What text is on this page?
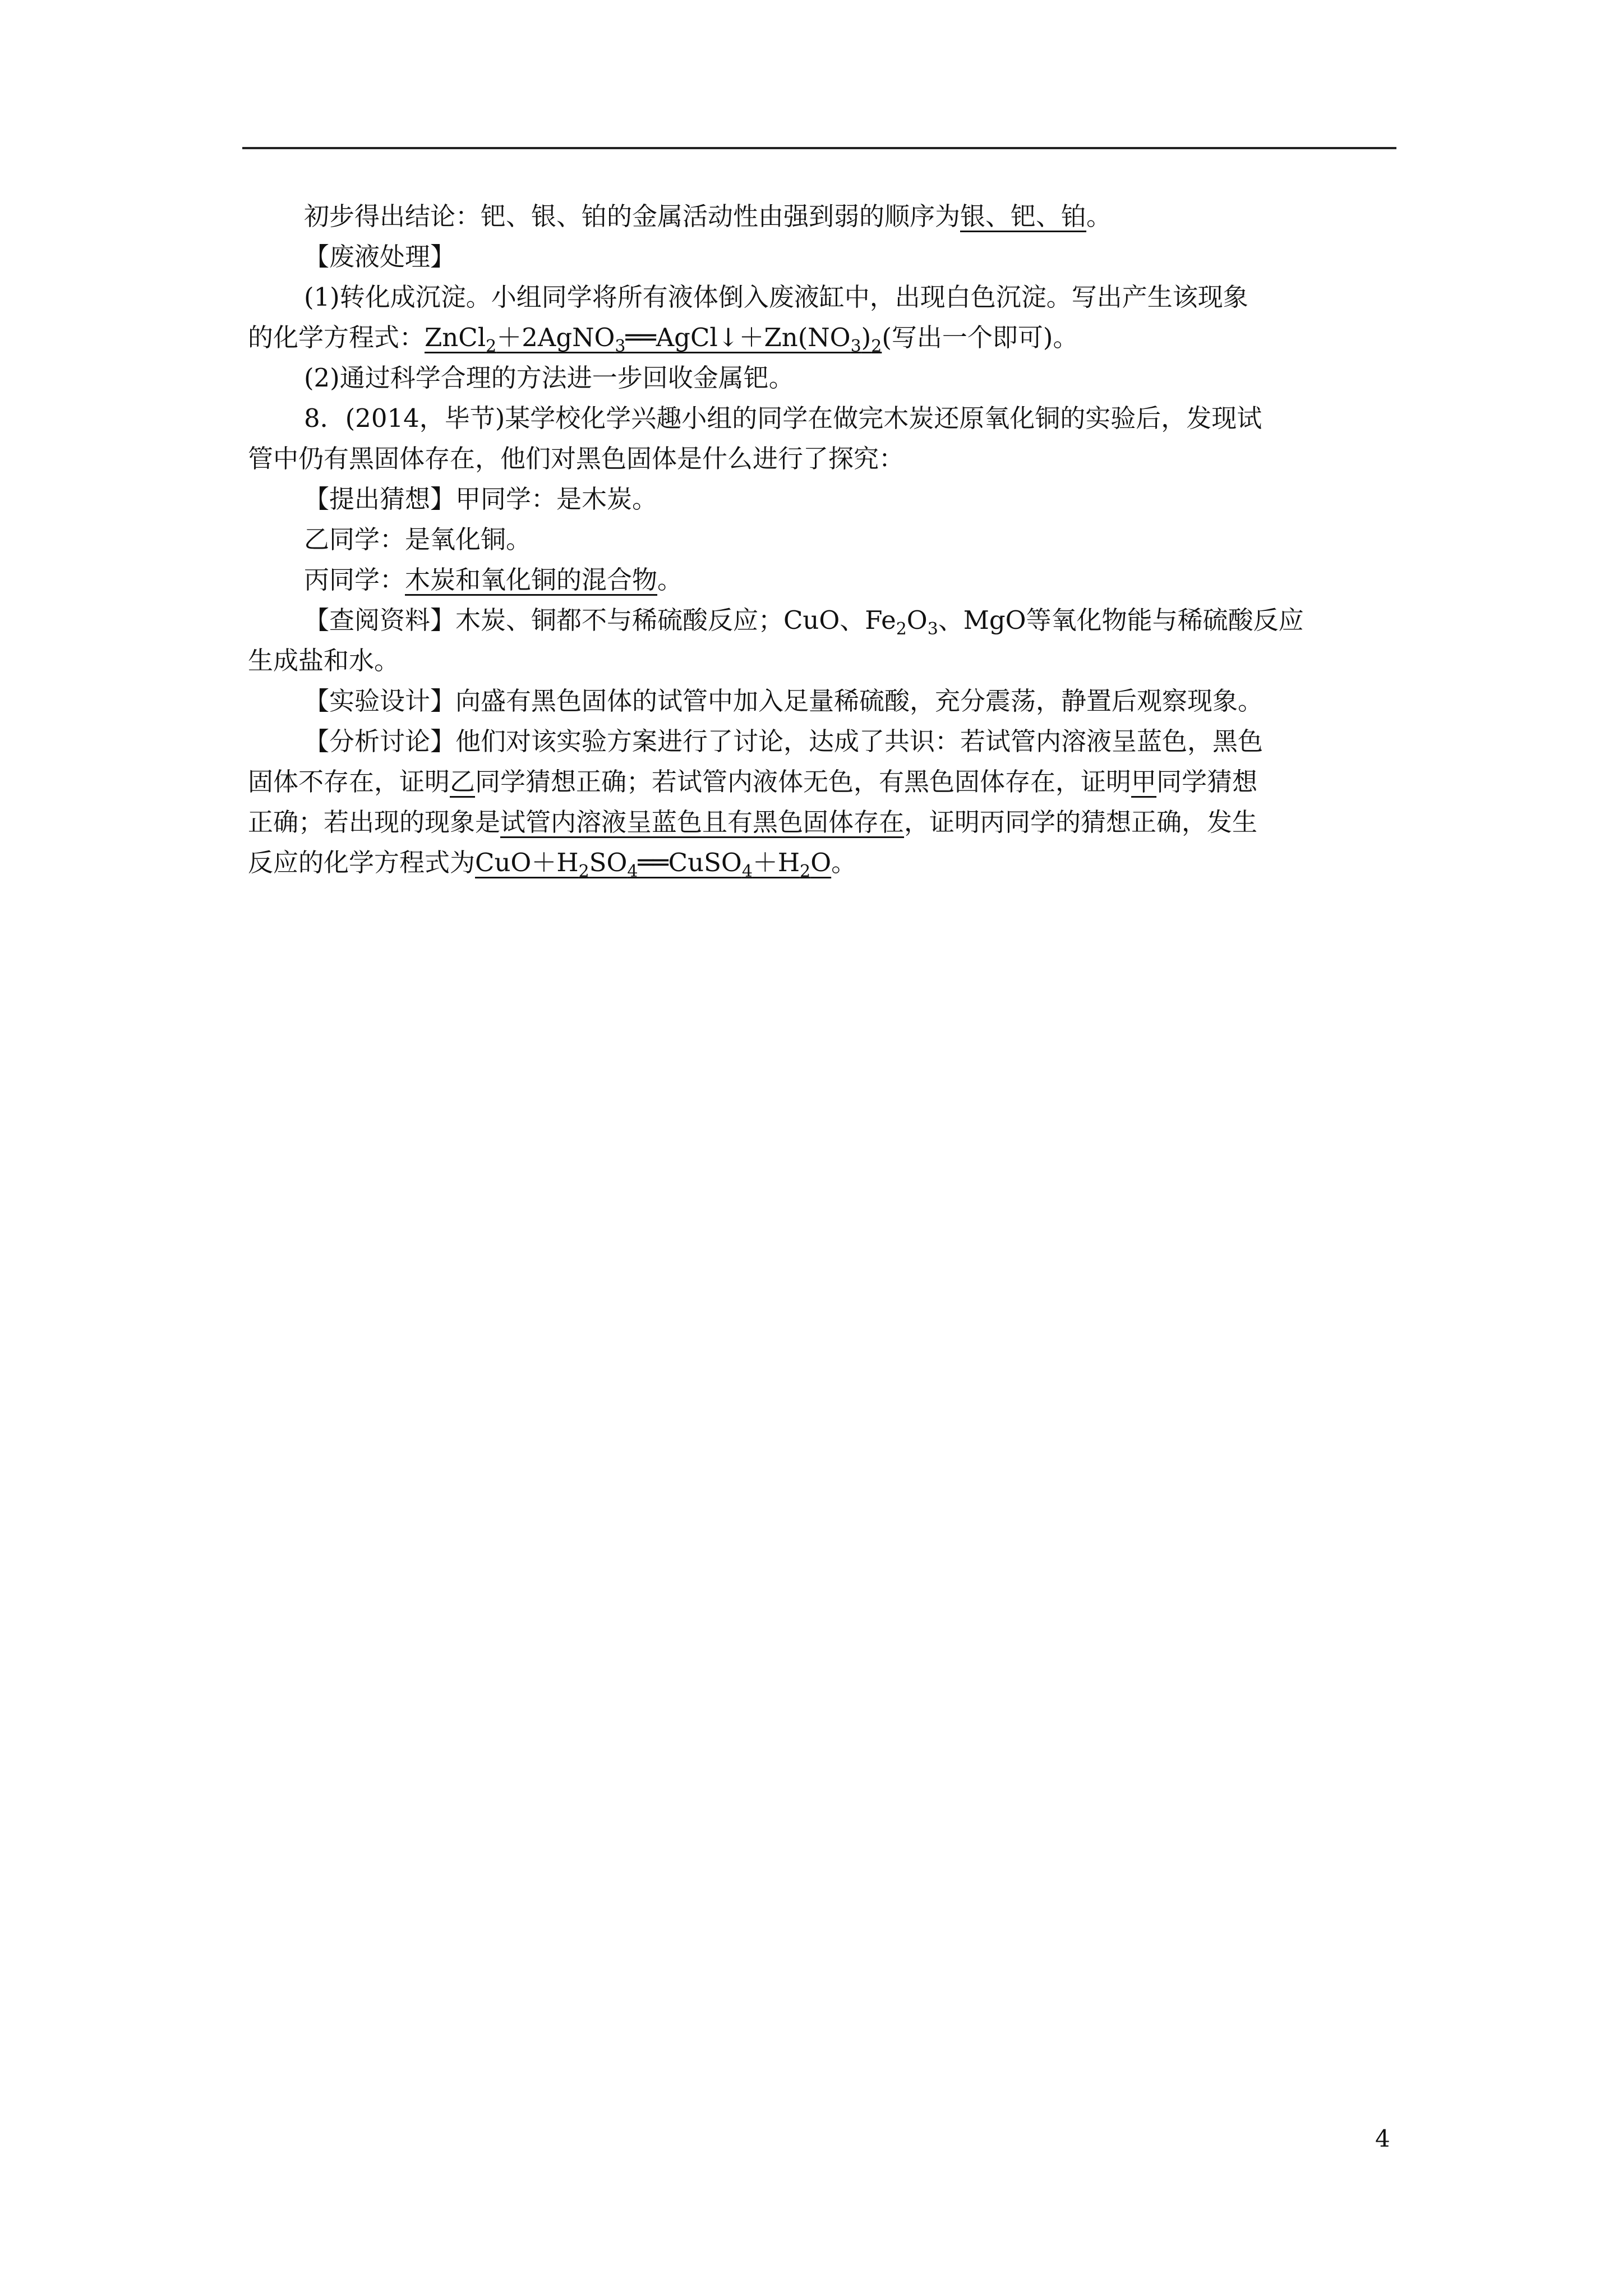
初步得出结论：钯、银、铂的金属活动性由强到弱的顺序为银、钯、铂。
【废液处理】
(1)转化成沉淀。小组同学将所有液体倒入废液缸中，出现白色沉淀。写出产生该现象
的化学方程式：$ZnCl_2+2AgNO_3══AgCl↓+Zn(NO_3)_2$(写出一个即可)。
(2)通过科学合理的方法进一步回收金属钯。
8．(2014，毕节)某学校化学兴趣小组的同学在做完木炭还原氧化铜的实验后，发现试
管中仍有黑固体存在，他们对黑色固体是什么进行了探究：
【提出猜想】甲同学：是木炭。
乙同学：是氧化铜。
丙同学：木炭和氧化铜的混合物。
【查阅资料】木炭、铜都不与稀硫酸反应；CuO、$Fe_2O_3$、MgO等氧化物能与稀硫酸反应
生成盐和水。
【实验设计】向盛有黑色固体的试管中加入足量稀硫酸，充分震荡，静置后观察现象。
【分析讨论】他们对该实验方案进行了讨论，达成了共识：若试管内溶液呈蓝色，黑色
固体不存在，证明乙同学猜想正确；若试管内液体无色，有黑色固体存在，证明甲同学猜想
正确；若出现的现象是试管内溶液呈蓝色且有黑色固体存在，证明丙同学的猜想正确，发生
反应的化学方程式为$CuO+H_2SO_4══CuSO_4+H_2O$。
4
